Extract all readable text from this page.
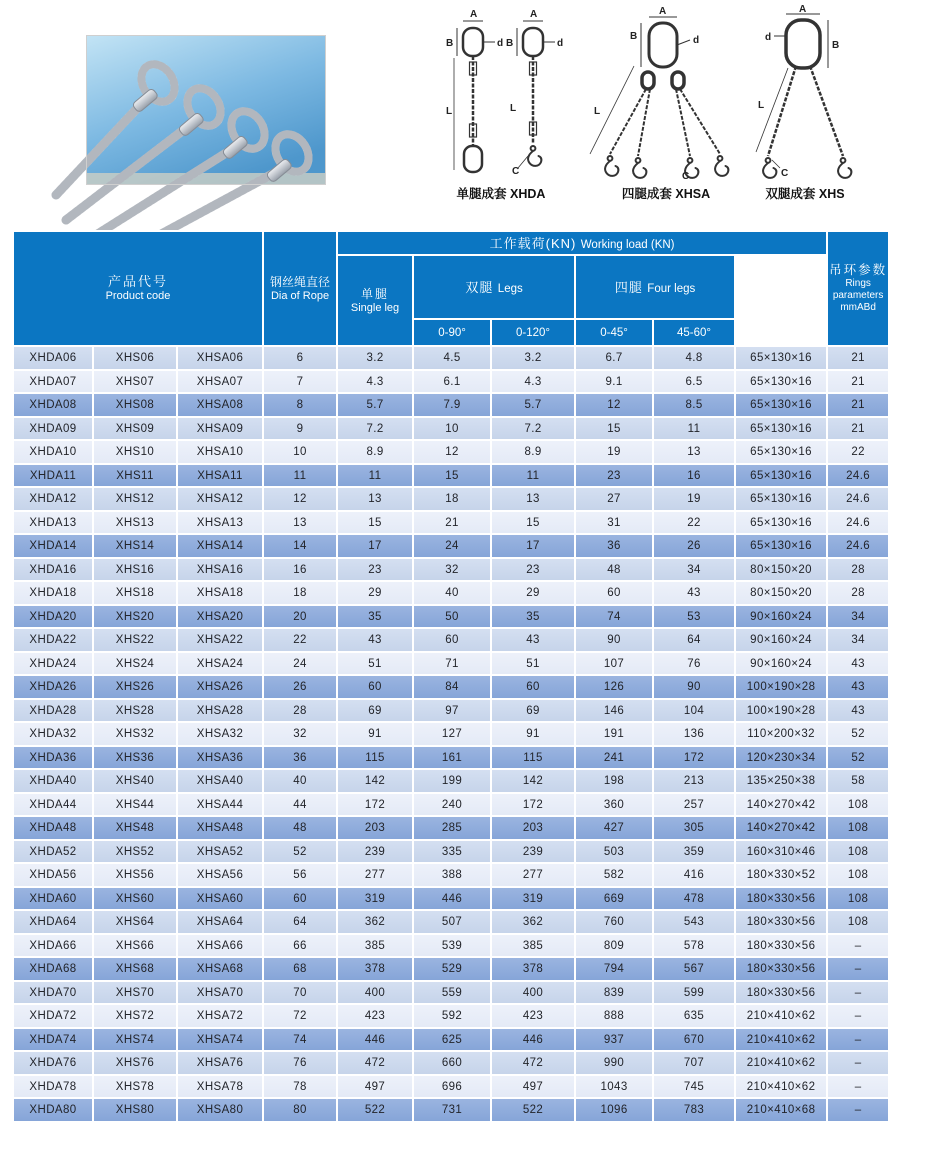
A
B	d
L
A
B	d
L
C
单腿成套 XHDA
A
B	d
L
C
四腿成套 XHSA
A
d
B
L
C
双腿成套 XHS
产品代号
Product code			钢丝绳直径
Dia of Rope	工作载荷(KN) Working load (KN)						吊环参数
Rings parameters
mmABd	吊钩开口C
Hook openings C
mm

				单腿
Single leg	双腿 Legs		四腿 Four legs				
					0-90°	0-120°	0-45°	45-60°			
XHDA06	XHS06	XHSA06	6	3.2	4.5	3.2	6.7	4.8	65×130×16	21	
XHDA07	XHS07	XHSA07	7	4.3	6.1	4.3	9.1	6.5	65×130×16	21	
XHDA08	XHS08	XHSA08	8	5.7	7.9	5.7	12	8.5	65×130×16	21	
XHDA09	XHS09	XHSA09	9	7.2	10	7.2	15	11	65×130×16	21	
XHDA10	XHS10	XHSA10	10	8.9	12	8.9	19	13	65×130×16	22	
XHDA11	XHS11	XHSA11	11	11	15	11	23	16	65×130×16	24.6	
XHDA12	XHS12	XHSA12	12	13	18	13	27	19	65×130×16	24.6	
XHDA13	XHS13	XHSA13	13	15	21	15	31	22	65×130×16	24.6	
XHDA14	XHS14	XHSA14	14	17	24	17	36	26	65×130×16	24.6	
XHDA16	XHS16	XHSA16	16	23	32	23	48	34	80×150×20	28	
XHDA18	XHS18	XHSA18	18	29	40	29	60	43	80×150×20	28	
XHDA20	XHS20	XHSA20	20	35	50	35	74	53	90×160×24	34	
XHDA22	XHS22	XHSA22	22	43	60	43	90	64	90×160×24	34	
XHDA24	XHS24	XHSA24	24	51	71	51	107	76	90×160×24	43	
XHDA26	XHS26	XHSA26	26	60	84	60	126	90	100×190×28	43	
XHDA28	XHS28	XHSA28	28	69	97	69	146	104	100×190×28	43	
XHDA32	XHS32	XHSA32	32	91	127	91	191	136	110×200×32	52	
XHDA36	XHS36	XHSA36	36	115	161	115	241	172	120×230×34	52	
XHDA40	XHS40	XHSA40	40	142	199	142	198	213	135×250×38	58	
XHDA44	XHS44	XHSA44	44	172	240	172	360	257	140×270×42	108	
XHDA48	XHS48	XHSA48	48	203	285	203	427	305	140×270×42	108	
XHDA52	XHS52	XHSA52	52	239	335	239	503	359	160×310×46	108	
XHDA56	XHS56	XHSA56	56	277	388	277	582	416	180×330×52	108	
XHDA60	XHS60	XHSA60	60	319	446	319	669	478	180×330×56	108	
XHDA64	XHS64	XHSA64	64	362	507	362	760	543	180×330×56	108	
XHDA66	XHS66	XHSA66	66	385	539	385	809	578	180×330×56	–	
XHDA68	XHS68	XHSA68	68	378	529	378	794	567	180×330×56	–	
XHDA70	XHS70	XHSA70	70	400	559	400	839	599	180×330×56	–	
XHDA72	XHS72	XHSA72	72	423	592	423	888	635	210×410×62	–	
XHDA74	XHS74	XHSA74	74	446	625	446	937	670	210×410×62	–	
XHDA76	XHS76	XHSA76	76	472	660	472	990	707	210×410×62	–	
XHDA78	XHS78	XHSA78	78	497	696	497	1043	745	210×410×62	–	
XHDA80	XHS80	XHSA80	80	522	731	522	1096	783	210×410×68	–	
